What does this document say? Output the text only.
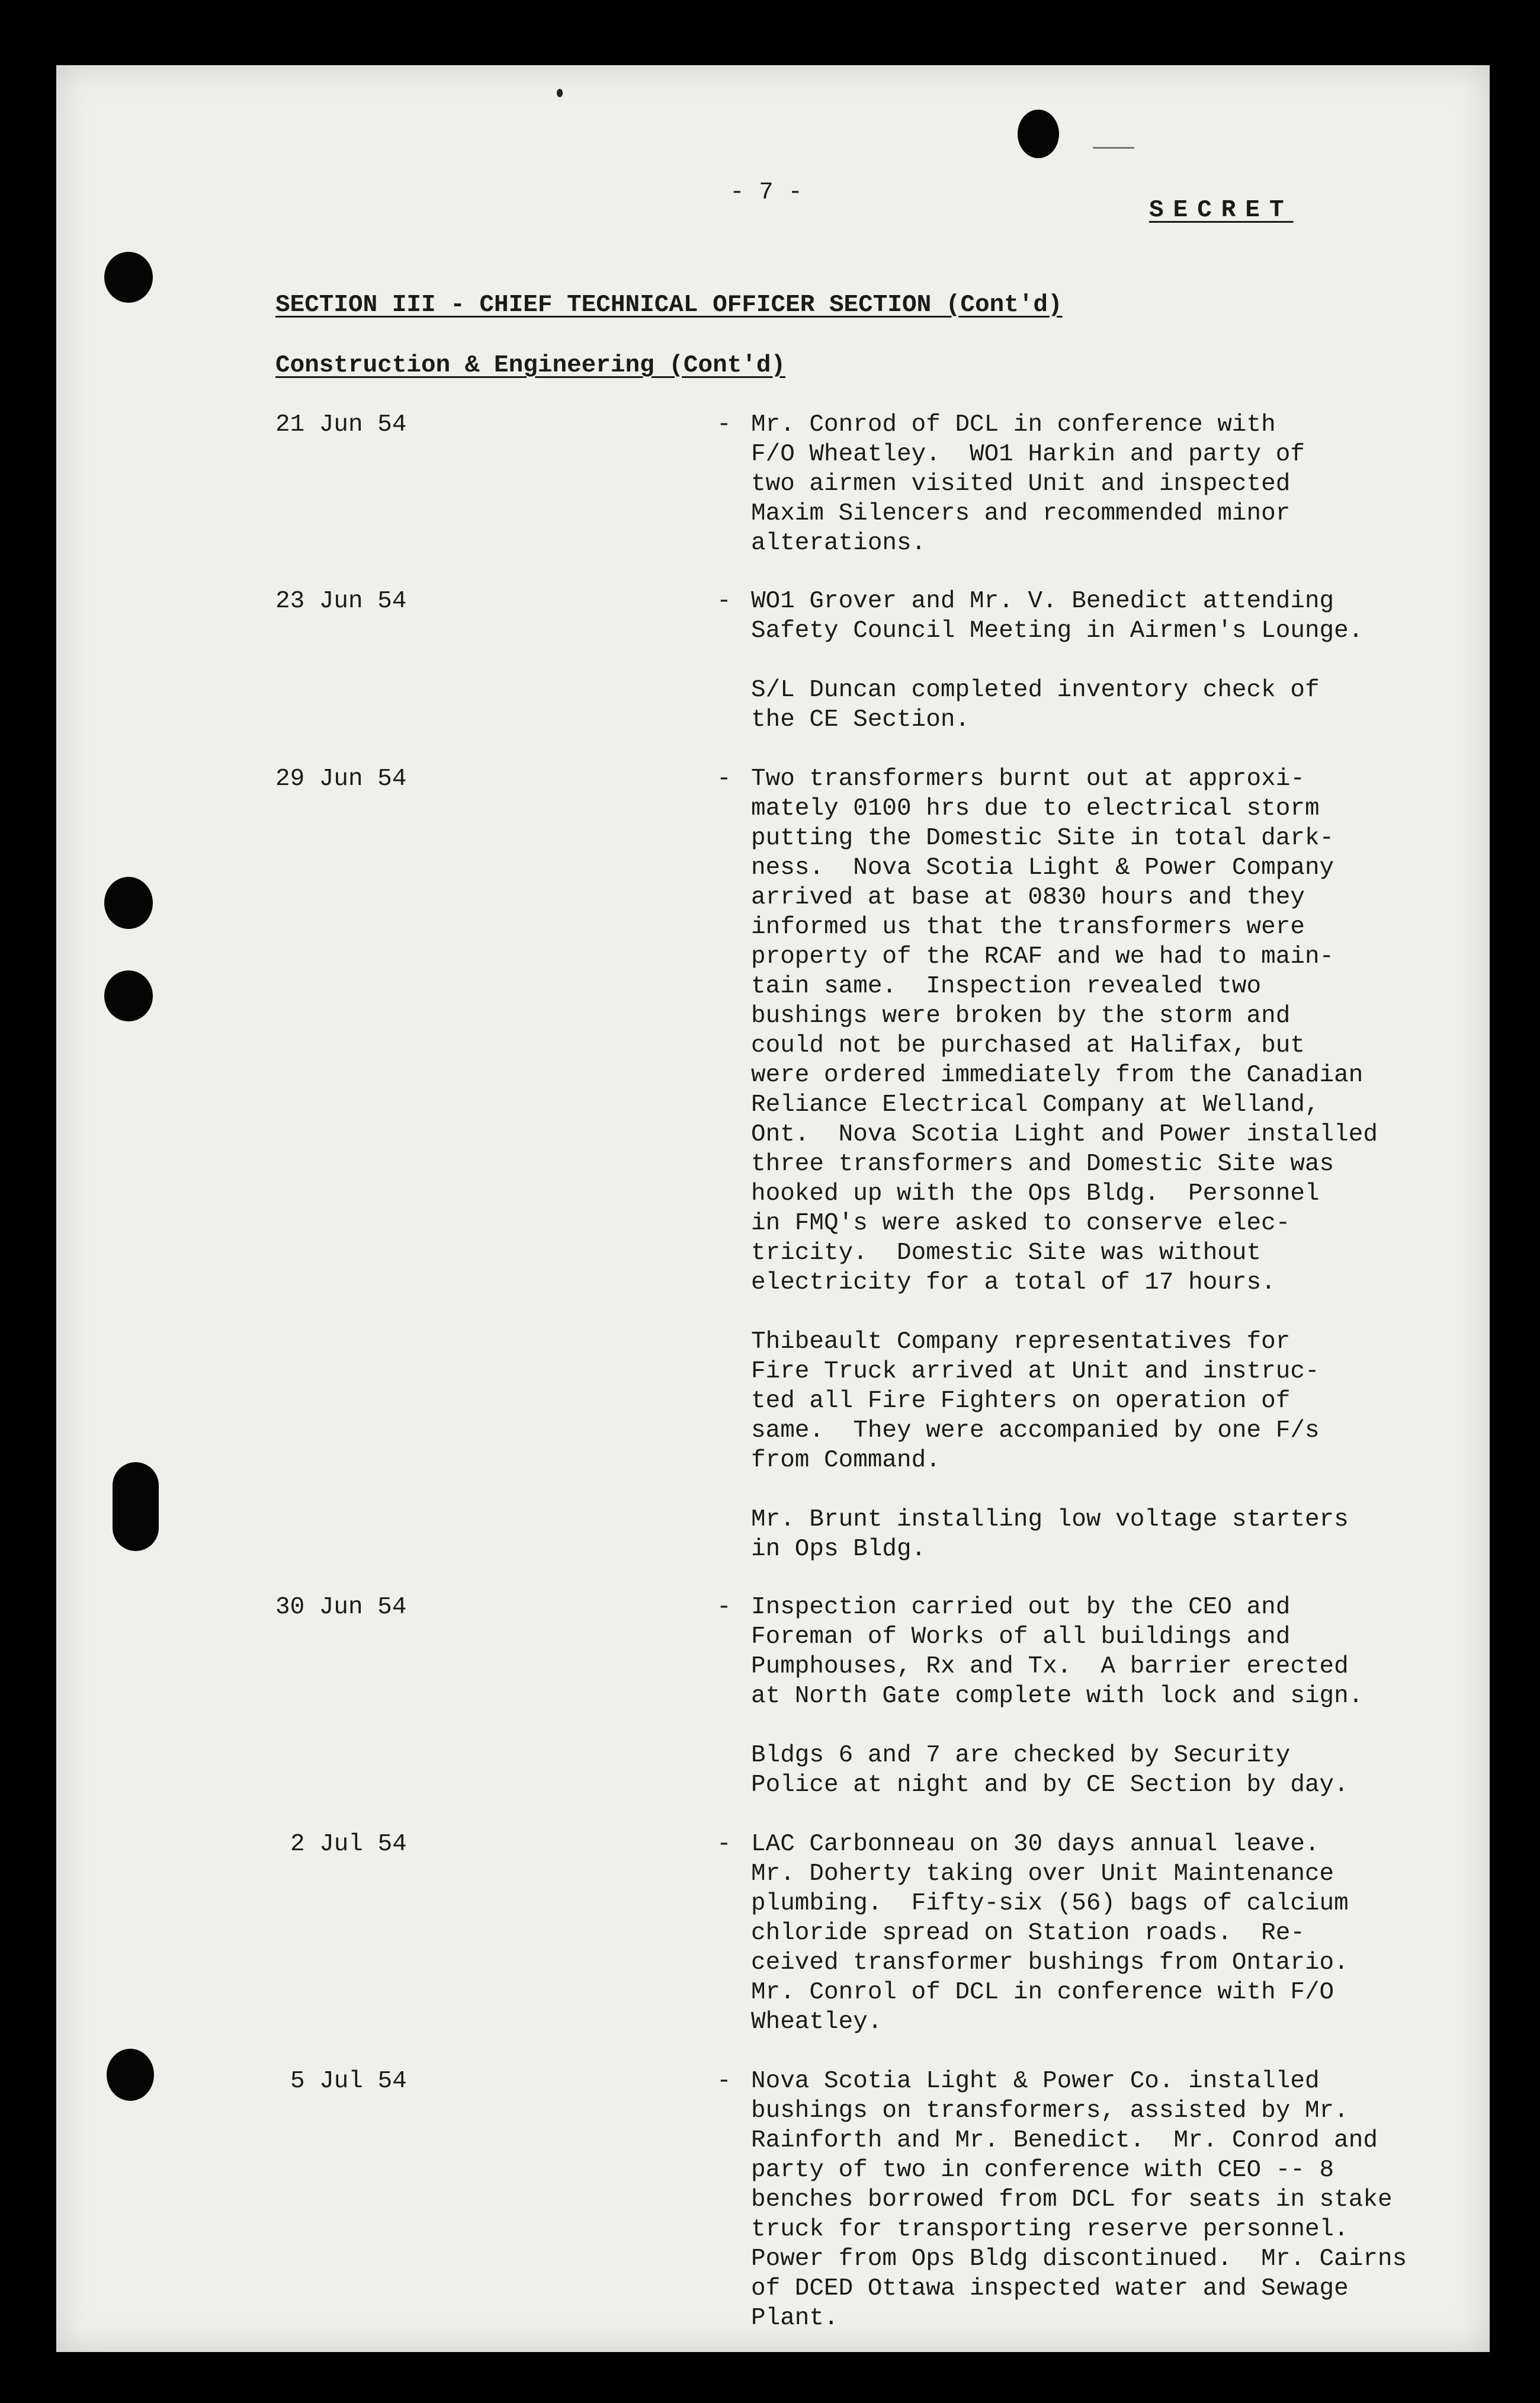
- 7 -
SECRET
SECTION III - CHIEF TECHNICAL OFFICER SECTION (Cont'd)
Construction & Engineering (Cont'd)
21 Jun 54	- Mr. Conrod of DCL in conference with
F/O Wheatley.  WO1 Harkin and party of
two airmen visited Unit and inspected
Maxim Silencers and recommended minor
alterations.
23 Jun 54	- WO1 Grover and Mr. V. Benedict attending
Safety Council Meeting in Airmen's Lounge.
S/L Duncan completed inventory check of
the CE Section.
29 Jun 54	- Two transformers burnt out at approxi-
mately 0100 hrs due to electrical storm
putting the Domestic Site in total dark-
ness.  Nova Scotia Light & Power Company
arrived at base at 0830 hours and they
informed us that the transformers were
property of the RCAF and we had to main-
tain same.  Inspection revealed two
bushings were broken by the storm and
could not be purchased at Halifax, but
were ordered immediately from the Canadian
Reliance Electrical Company at Welland,
Ont.  Nova Scotia Light and Power installed
three transformers and Domestic Site was
hooked up with the Ops Bldg.  Personnel
in FMQ's were asked to conserve elec-
tricity.  Domestic Site was without
electricity for a total of 17 hours.
Thibeault Company representatives for
Fire Truck arrived at Unit and instruc-
ted all Fire Fighters on operation of
same.  They were accompanied by one F/s
from Command.
Mr. Brunt installing low voltage starters
in Ops Bldg.
30 Jun 54	- Inspection carried out by the CEO and
Foreman of Works of all buildings and
Pumphouses, Rx and Tx.  A barrier erected
at North Gate complete with lock and sign.
Bldgs 6 and 7 are checked by Security
Police at night and by CE Section by day.
2 Jul 54	- LAC Carbonneau on 30 days annual leave.
Mr. Doherty taking over Unit Maintenance
plumbing.  Fifty-six (56) bags of calcium
chloride spread on Station roads.  Re-
ceived transformer bushings from Ontario.
Mr. Conrol of DCL in conference with F/O
Wheatley.
5 Jul 54	- Nova Scotia Light & Power Co. installed
bushings on transformers, assisted by Mr.
Rainforth and Mr. Benedict.  Mr. Conrod and
party of two in conference with CEO -- 8
benches borrowed from DCL for seats in stake
truck for transporting reserve personnel.
Power from Ops Bldg discontinued.  Mr. Cairns
of DCED Ottawa inspected water and Sewage
Plant.
